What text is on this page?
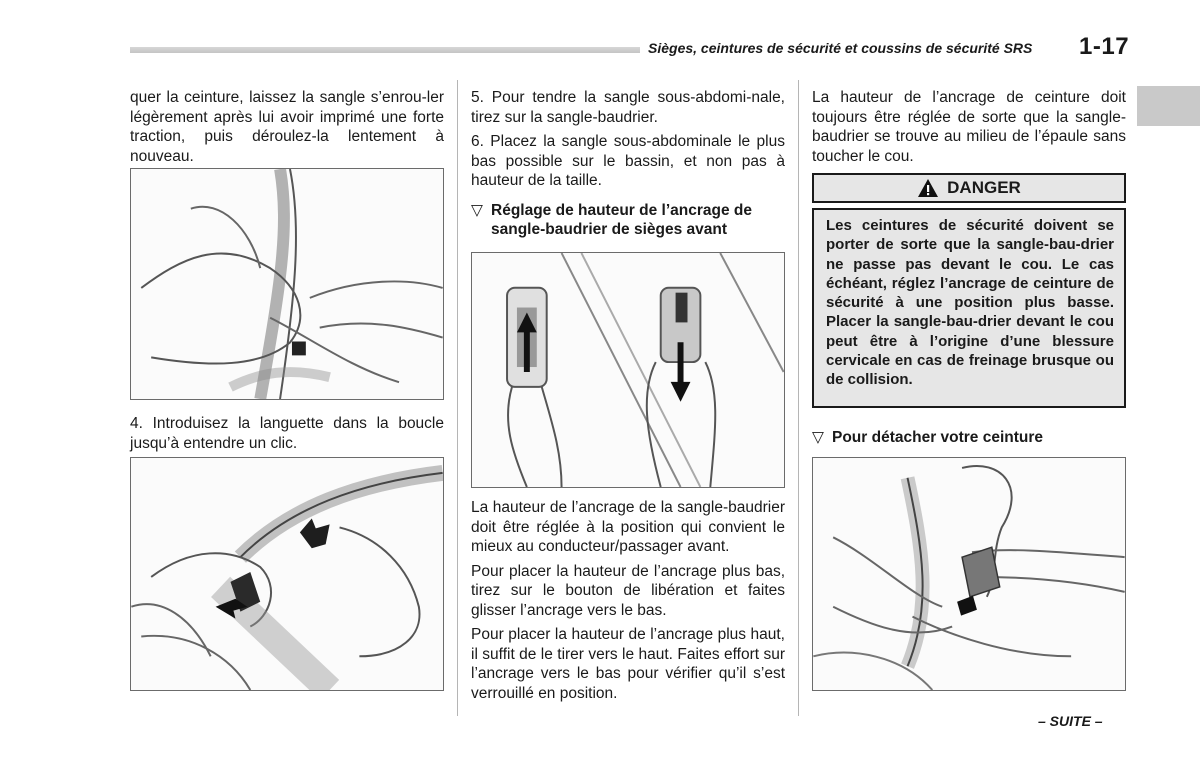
Sièges, ceintures de sécurité et coussins de sécurité SRS 1-17

quer la ceinture, laissez la sangle s’enrou-ler légèrement après lui avoir imprimé une forte traction, puis déroulez-la lentement à nouveau.

4. Introduisez la languette dans la boucle jusqu’à entendre un clic.

5. Pour tendre la sangle sous-abdomi-nale, tirez sur la sangle-baudrier.

6. Placez la sangle sous-abdominale le plus bas possible sur le bassin, et non pas à hauteur de la taille.

▽ Réglage de hauteur de l’ancrage de sangle-baudrier de sièges avant

La hauteur de l’ancrage de la sangle-baudrier doit être réglée à la position qui convient le mieux au conducteur/passager avant.

Pour placer la hauteur de l’ancrage plus bas, tirez sur le bouton de libération et faites glisser l’ancrage vers le bas.

Pour placer la hauteur de l’ancrage plus haut, il suffit de le tirer vers le haut. Faites effort sur l’ancrage vers le bas pour vérifier qu’il s’est verrouillé en position.

La hauteur de l’ancrage de ceinture doit toujours être réglée de sorte que la sangle-baudrier se trouve au milieu de l’épaule sans toucher le cou.

DANGER
Les ceintures de sécurité doivent se porter de sorte que la sangle-bau-drier ne passe pas devant le cou. Le cas échéant, réglez l’ancrage de ceinture de sécurité à une position plus basse. Placer la sangle-bau-drier devant le cou peut être à l’origine d’une blessure cervicale en cas de freinage brusque ou de collision.
▽ Pour détacher votre ceinture
– SUITE –
